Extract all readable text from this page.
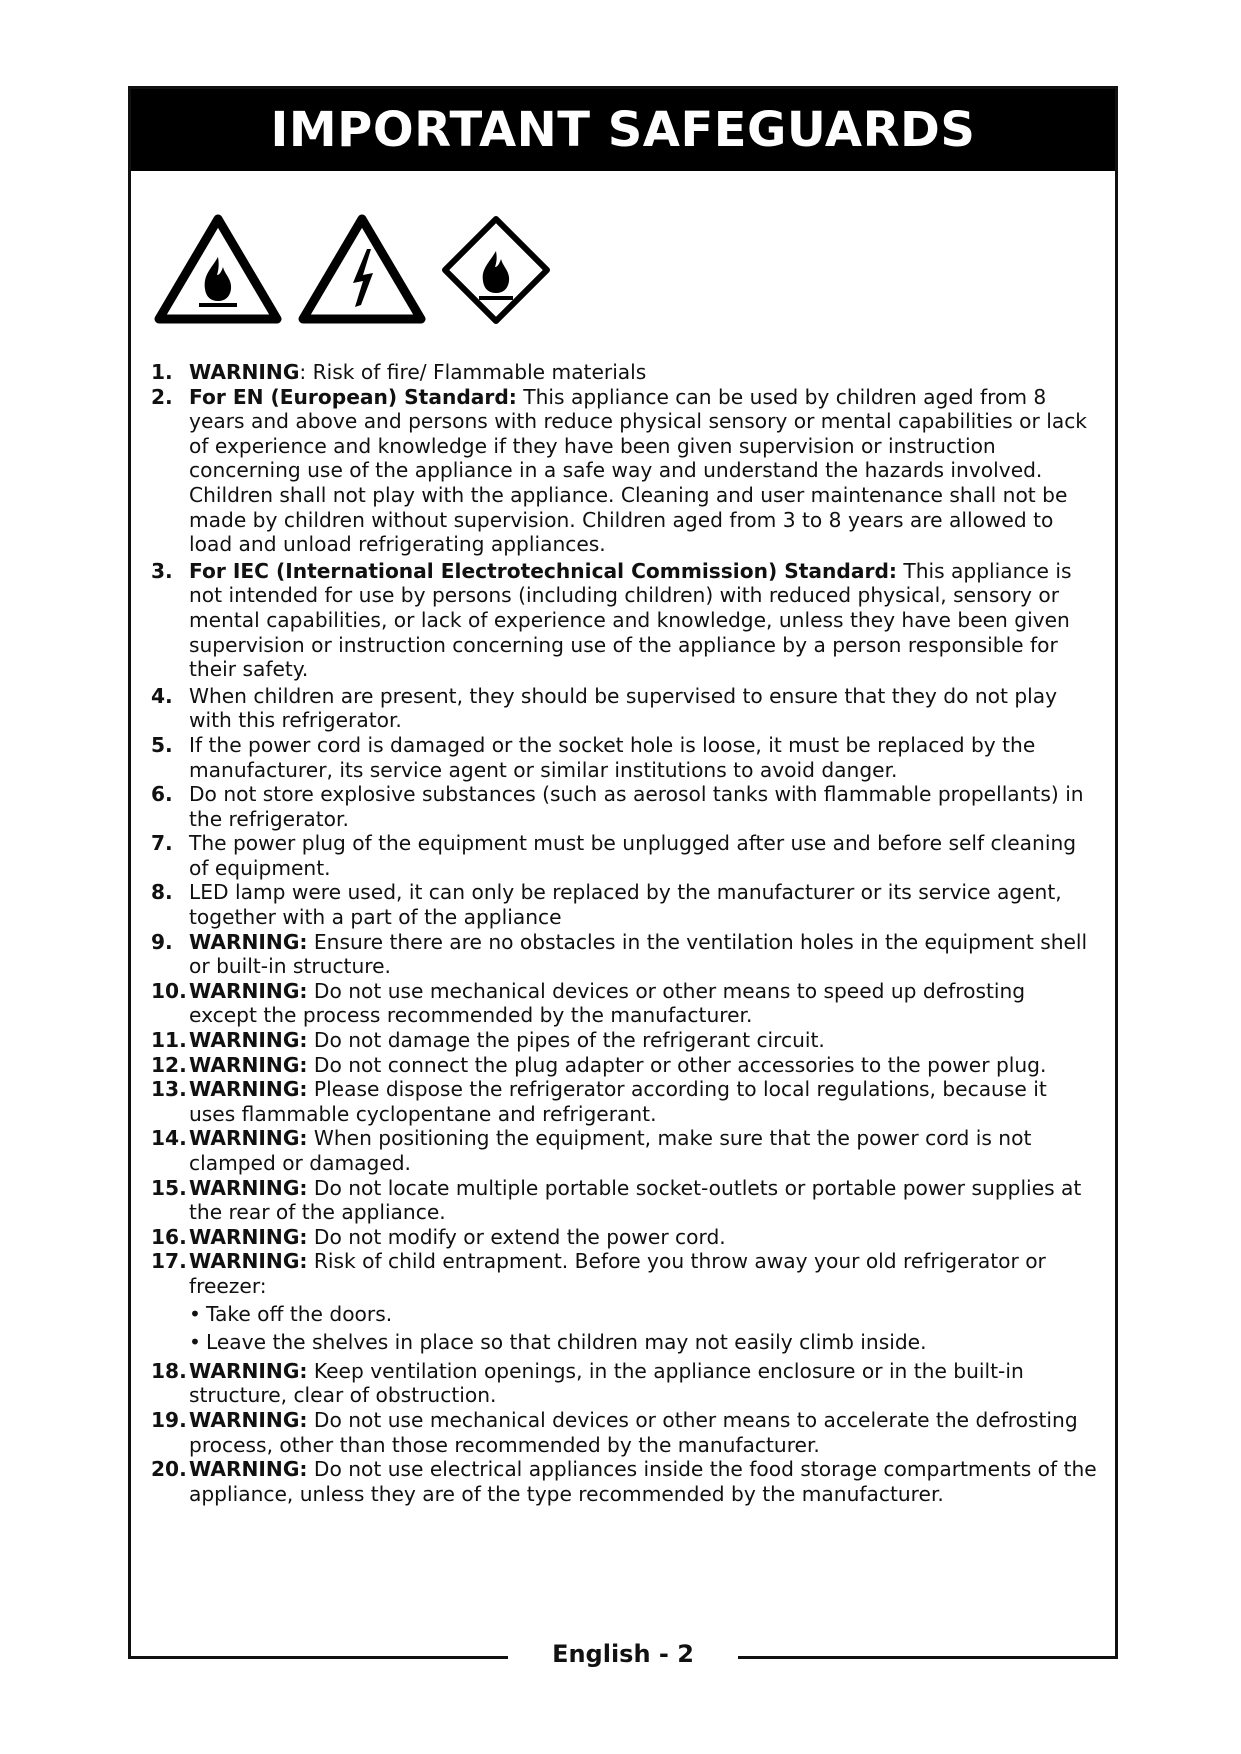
IMPORTANT SAFEGUARDS
1. WARNING: Risk of fire/ Flammable materials
2. For EN (European) Standard: This appliance can be used by children aged from 8 years and above and persons with reduce physical sensory or mental capabilities or lack of experience and knowledge if they have been given supervision or instruction concerning use of the appliance in a safe way and understand the hazards involved. Children shall not play with the appliance. Cleaning and user maintenance shall not be made by children without supervision. Children aged from 3 to 8 years are allowed to load and unload refrigerating appliances.
3. For IEC (International Electrotechnical Commission) Standard: This appliance is not intended for use by persons (including children) with reduced physical, sensory or mental capabilities, or lack of experience and knowledge, unless they have been given supervision or instruction concerning use of the appliance by a person responsible for their safety.
4. When children are present, they should be supervised to ensure that they do not play with this refrigerator.
5. If the power cord is damaged or the socket hole is loose, it must be replaced by the manufacturer, its service agent or similar institutions to avoid danger.
6. Do not store explosive substances (such as aerosol tanks with flammable propellants) in the refrigerator.
7. The power plug of the equipment must be unplugged after use and before self cleaning of equipment.
8. LED lamp were used, it can only be replaced by the manufacturer or its service agent, together with a part of the appliance
9. WARNING: Ensure there are no obstacles in the ventilation holes in the equipment shell or built-in structure.
10. WARNING: Do not use mechanical devices or other means to speed up defrosting except the process recommended by the manufacturer.
11. WARNING: Do not damage the pipes of the refrigerant circuit.
12. WARNING: Do not connect the plug adapter or other accessories to the power plug.
13. WARNING: Please dispose the refrigerator according to local regulations, because it uses flammable cyclopentane and refrigerant.
14. WARNING: When positioning the equipment, make sure that the power cord is not clamped or damaged.
15. WARNING: Do not locate multiple portable socket-outlets or portable power supplies at the rear of the appliance.
16. WARNING: Do not modify or extend the power cord.
17. WARNING: Risk of child entrapment. Before you throw away your old refrigerator or freezer:
• Take off the doors.
• Leave the shelves in place so that children may not easily climb inside.
18. WARNING: Keep ventilation openings, in the appliance enclosure or in the built-in structure, clear of obstruction.
19. WARNING: Do not use mechanical devices or other means to accelerate the defrosting process, other than those recommended by the manufacturer.
20. WARNING: Do not use electrical appliances inside the food storage compartments of the appliance, unless they are of the type recommended by the manufacturer.
English - 2
